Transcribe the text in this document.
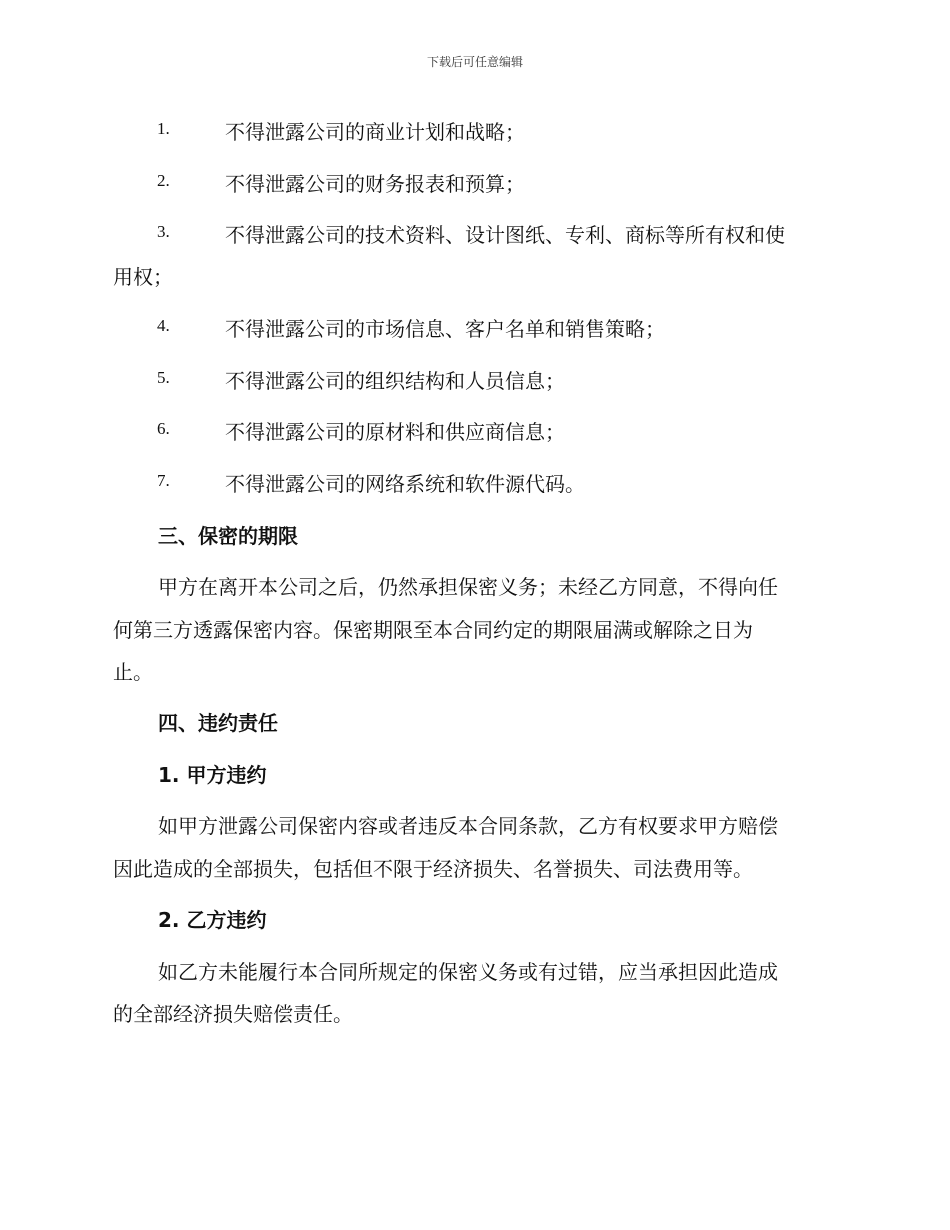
下载后可任意编辑
1.	不得泄露公司的商业计划和战略；
2.	不得泄露公司的财务报表和预算；
3.	不得泄露公司的技术资料、设计图纸、专利、商标等所有权和使
用权；
4.	不得泄露公司的市场信息、客户名单和销售策略；
5.	不得泄露公司的组织结构和人员信息；
6.	不得泄露公司的原材料和供应商信息；
7.	不得泄露公司的网络系统和软件源代码。
三、保密的期限
甲方在离开本公司之后，仍然承担保密义务；未经乙方同意，不得向任
何第三方透露保密内容。保密期限至本合同约定的期限届满或解除之日为
止。
四、违约责任
1. 甲方违约
如甲方泄露公司保密内容或者违反本合同条款，乙方有权要求甲方赔偿
因此造成的全部损失，包括但不限于经济损失、名誉损失、司法费用等。
2. 乙方违约
如乙方未能履行本合同所规定的保密义务或有过错，应当承担因此造成
的全部经济损失赔偿责任。
